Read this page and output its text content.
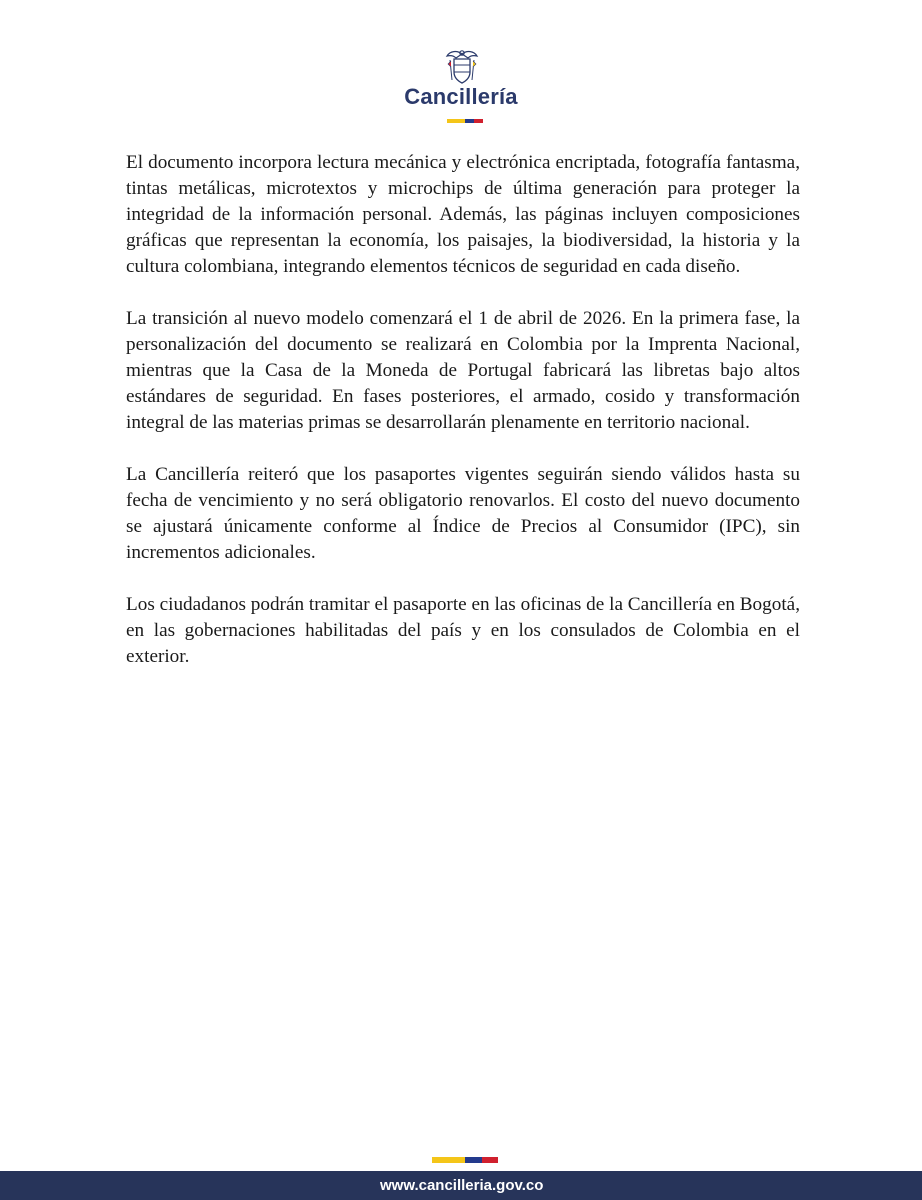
Cancillería

El documento incorpora lectura mecánica y electrónica encriptada, fotografía fantasma, tintas metálicas, microtextos y microchips de última generación para proteger la integridad de la información personal. Además, las páginas incluyen composiciones gráficas que representan la economía, los paisajes, la biodiversidad, la historia y la cultura colombiana, integrando elementos técnicos de seguridad en cada diseño.

La transición al nuevo modelo comenzará el 1 de abril de 2026. En la primera fase, la personalización del documento se realizará en Colombia por la Imprenta Nacional, mientras que la Casa de la Moneda de Portugal fabricará las libretas bajo altos estándares de seguridad. En fases posteriores, el armado, cosido y transformación integral de las materias primas se desarrollarán plenamente en territorio nacional.

La Cancillería reiteró que los pasaportes vigentes seguirán siendo válidos hasta su fecha de vencimiento y no será obligatorio renovarlos. El costo del nuevo documento se ajustará únicamente conforme al Índice de Precios al Consumidor (IPC), sin incrementos adicionales.

Los ciudadanos podrán tramitar el pasaporte en las oficinas de la Cancillería en Bogotá, en las gobernaciones habilitadas del país y en los consulados de Colombia en el exterior.

www.cancilleria.gov.co
